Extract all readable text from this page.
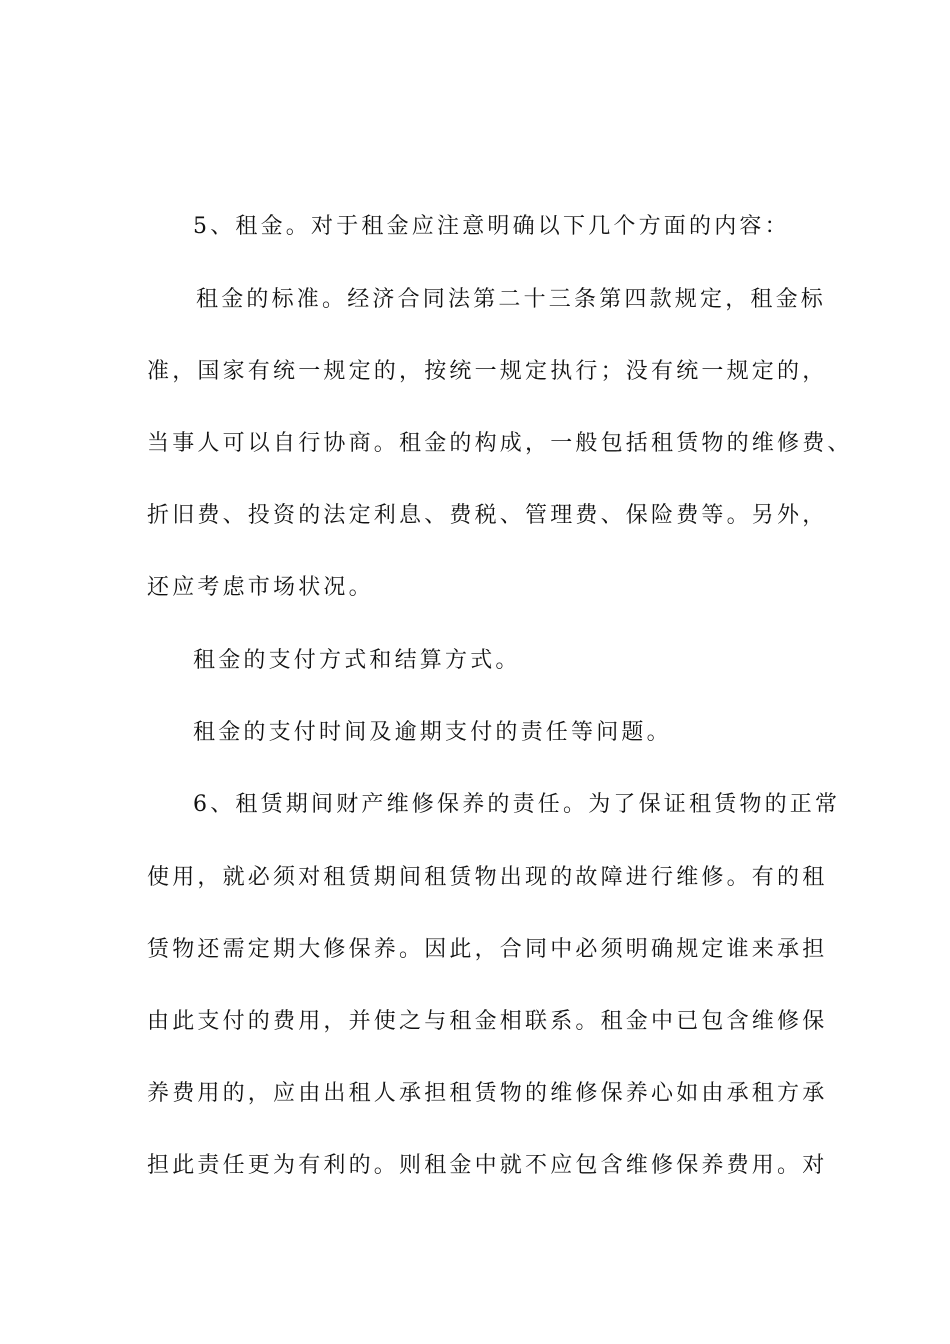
5、租金。对于租金应注意明确以下几个方面的内容：
租金的标准。经济合同法第二十三条第四款规定，租金标
准，国家有统一规定的，按统一规定执行；没有统一规定的，
当事人可以自行协商。租金的构成，一般包括租赁物的维修费、
折旧费、投资的法定利息、费税、管理费、保险费等。另外，
还应考虑市场状况。
租金的支付方式和结算方式。
租金的支付时间及逾期支付的责任等问题。
6、租赁期间财产维修保养的责任。为了保证租赁物的正常
使用，就必须对租赁期间租赁物出现的故障进行维修。有的租
赁物还需定期大修保养。因此，合同中必须明确规定谁来承担
由此支付的费用，并使之与租金相联系。租金中已包含维修保
养费用的，应由出租人承担租赁物的维修保养心如由承租方承
担此责任更为有利的。则租金中就不应包含维修保养费用。对
